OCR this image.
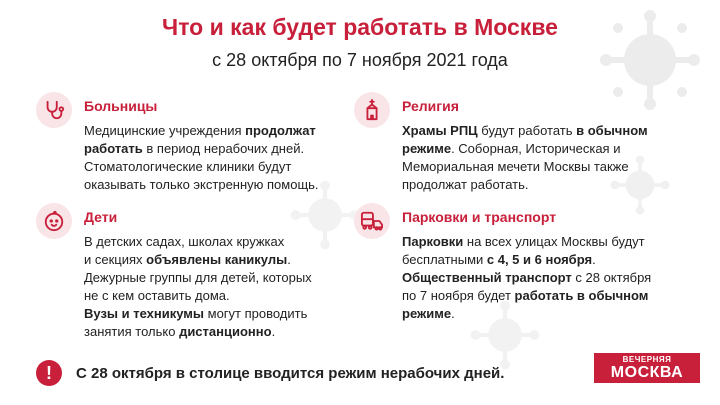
Что и как будет работать в Москве
с 28 октября по 7 ноября 2021 года
Больницы

Медицинские учреждения продолжат

работать в период нерабочих дней.

Стоматологические клиники будут

оказывать только экстренную помощь.

Религия

Храмы РПЦ будут работать в обычном

режиме. Соборная, Историческая и

Мемориальная мечети Москвы также

продолжат работать.

Дети

В детских садах, школах кружках

и секциях объявлены каникулы.

Дежурные группы для детей, которых

не с кем оставить дома.

Вузы и техникумы могут проводить

занятия только дистанционно.

Парковки и транспорт

Парковки на всех улицах Москвы будут

бесплатными с 4, 5 и 6 ноября.

Общественный транспорт с 28 октября

по 7 ноября будет работать в обычном

режиме.

!	С 28 октября в столице вводится режим нерабочих дней.
ВЕЧЕРНЯЯ
МОСКВА
